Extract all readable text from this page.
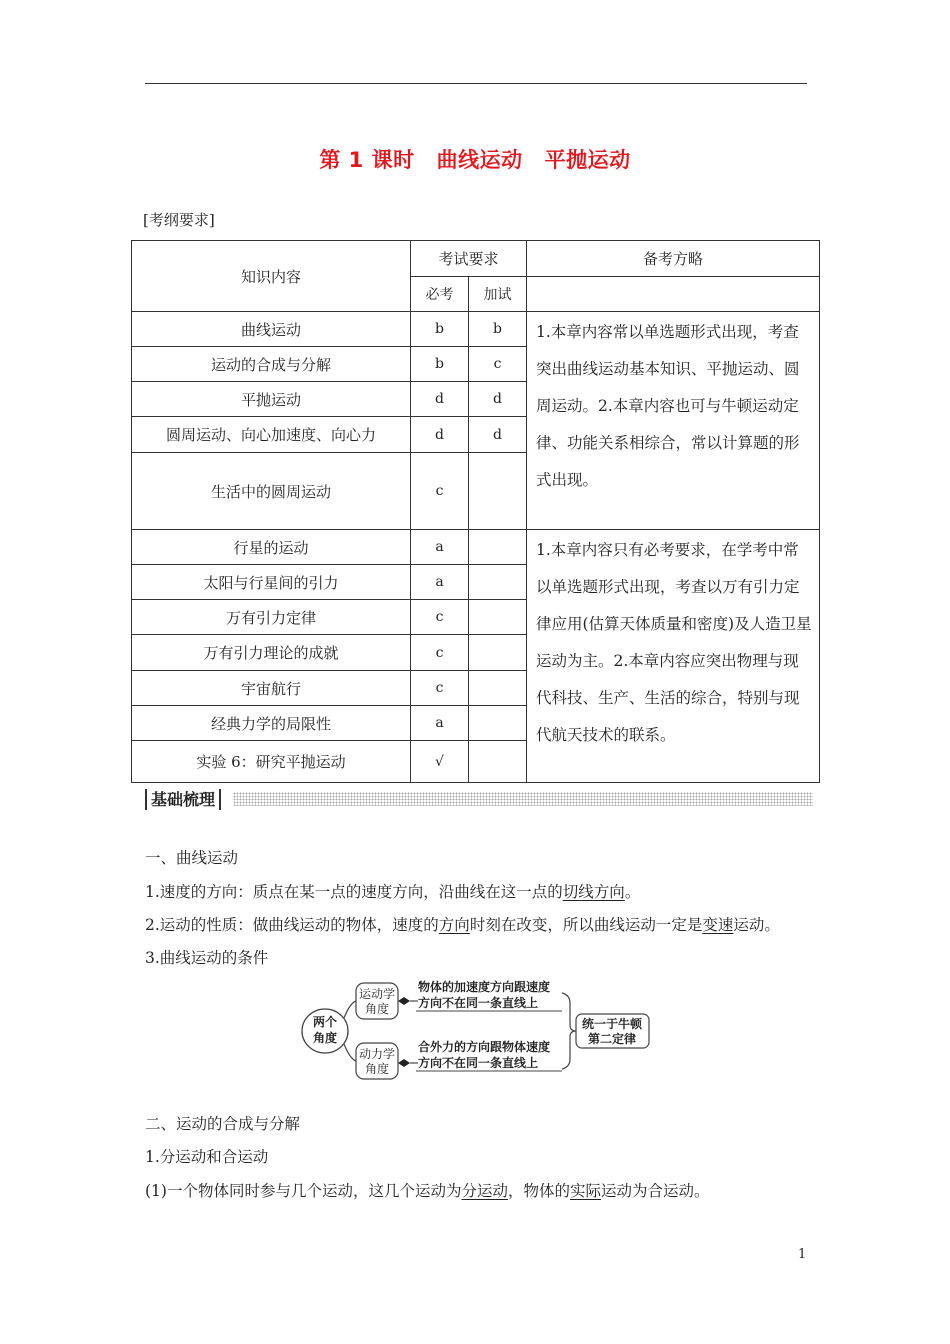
第 1 课时 曲线运动 平抛运动
[考纲要求]
知识内容	考试要求		备考方略
	必考	加试	
曲线运动	b	b	1.本章内容常以单选题形式出现，考查突出曲线运动基本知识、平抛运动、圆周运动。2.本章内容也可与牛顿运动定律、功能关系相综合，常以计算题的形式出现。

运动的合成与分解	b	c	
平抛运动	d	d	
圆周运动、向心加速度、向心力	d	d	
生活中的圆周运动	c		
行星的运动	a		1.本章内容只有必考要求，在学考中常以单选题形式出现，考查以万有引力定律应用(估算天体质量和密度)及人造卫星运动为主。2.本章内容应突出物理与现代科技、生产、生活的综合，特别与现代航天技术的联系。

太阳与行星间的引力	a		
万有引力定律	c		
万有引力理论的成就	c		
宇宙航行	c		
经典力学的局限性	a		
实验 6：研究平抛运动	√		
基础梳理
一、曲线运动
1.速度的方向：质点在某一点的速度方向，沿曲线在这一点的切线方向。
2.运动的性质：做曲线运动的物体，速度的方向时刻在改变，所以曲线运动一定是变速运动。
3.曲线运动的条件
两个
角度
运动学
角度
动力学
角度
物体的加速度方向跟速度
方向不在同一条直线上
合外力的方向跟物体速度
方向不在同一条直线上
统一于牛顿
第二定律
二、运动的合成与分解
1.分运动和合运动
(1)一个物体同时参与几个运动，这几个运动为分运动，物体的实际运动为合运动。
1
